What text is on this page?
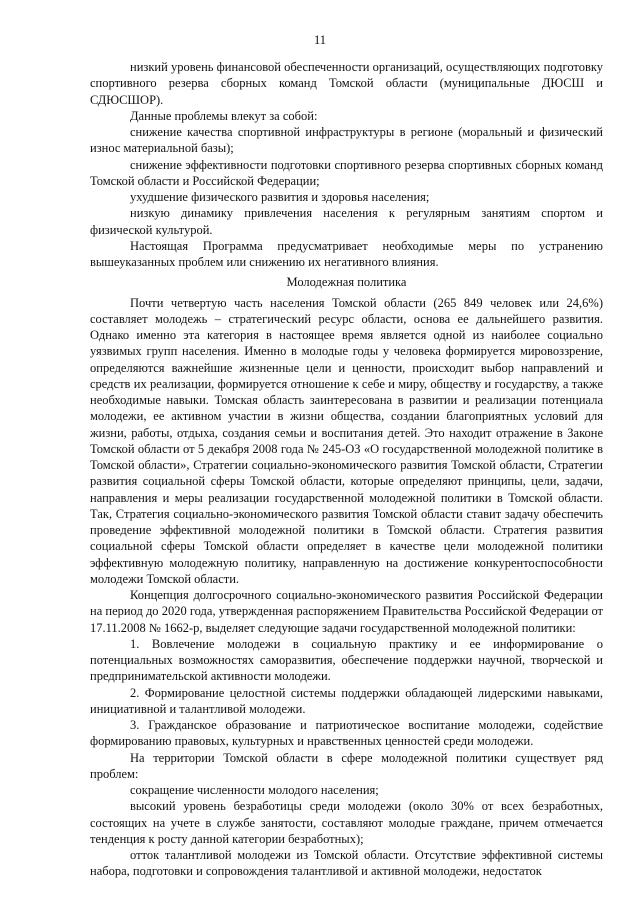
11

низкий уровень финансовой обеспеченности организаций, осуществляющих подготовку спортивного резерва сборных команд Томской области (муниципальные ДЮСШ и СДЮСШОР).

Данные проблемы влекут за собой:

снижение качества спортивной инфраструктуры в регионе (моральный и физический износ материальной базы);

снижение эффективности подготовки спортивного резерва спортивных сборных команд Томской области и Российской Федерации;

ухудшение физического развития и здоровья населения;

низкую динамику привлечения населения к регулярным занятиям спортом и физической культурой.

Настоящая Программа предусматривает необходимые меры по устранению вышеуказанных проблем или снижению их негативного влияния.

Молодежная политика

Почти четвертую часть населения Томской области (265 849 человек или 24,6%) составляет молодежь – стратегический ресурс области, основа ее дальнейшего развития. Однако именно эта категория в настоящее время является одной из наиболее социально уязвимых групп населения. Именно в молодые годы у человека формируется мировоззрение, определяются важнейшие жизненные цели и ценности, происходит выбор направлений и средств их реализации, формируется отношение к себе и миру, обществу и государству, а также необходимые навыки. Томская область заинтересована в развитии и реализации потенциала молодежи, ее активном участии в жизни общества, создании благоприятных условий для жизни, работы, отдыха, создания семьи и воспитания детей. Это находит отражение в Законе Томской области от 5 декабря 2008 года № 245-ОЗ «О государственной молодежной политике в Томской области», Стратегии социально-экономического развития Томской области, Стратегии развития социальной сферы Томской области, которые определяют принципы, цели, задачи, направления и меры реализации государственной молодежной политики в Томской области. Так, Стратегия социально-экономического развития Томской области ставит задачу обеспечить проведение эффективной молодежной политики в Томской области. Стратегия развития социальной сферы Томской области определяет в качестве цели молодежной политики эффективную молодежную политику, направленную на достижение конкурентоспособности молодежи Томской области.

Концепция долгосрочного социально-экономического развития Российской Федерации на период до 2020 года, утвержденная распоряжением Правительства Российской Федерации от 17.11.2008 № 1662-р, выделяет следующие задачи государственной молодежной политики:

1. Вовлечение молодежи в социальную практику и ее информирование о потенциальных возможностях саморазвития, обеспечение поддержки научной, творческой и предпринимательской активности молодежи.

2. Формирование целостной системы поддержки обладающей лидерскими навыками, инициативной и талантливой молодежи.

3. Гражданское образование и патриотическое воспитание молодежи, содействие формированию правовых, культурных и нравственных ценностей среди молодежи.

На территории Томской области в сфере молодежной политики существует ряд проблем:

сокращение численности молодого населения;

высокий уровень безработицы среди молодежи (около 30% от всех безработных, состоящих на учете в службе занятости, составляют молодые граждане, причем отмечается тенденция к росту данной категории безработных);

отток талантливой молодежи из Томской области. Отсутствие эффективной системы набора, подготовки и сопровождения талантливой и активной молодежи, недостаток
